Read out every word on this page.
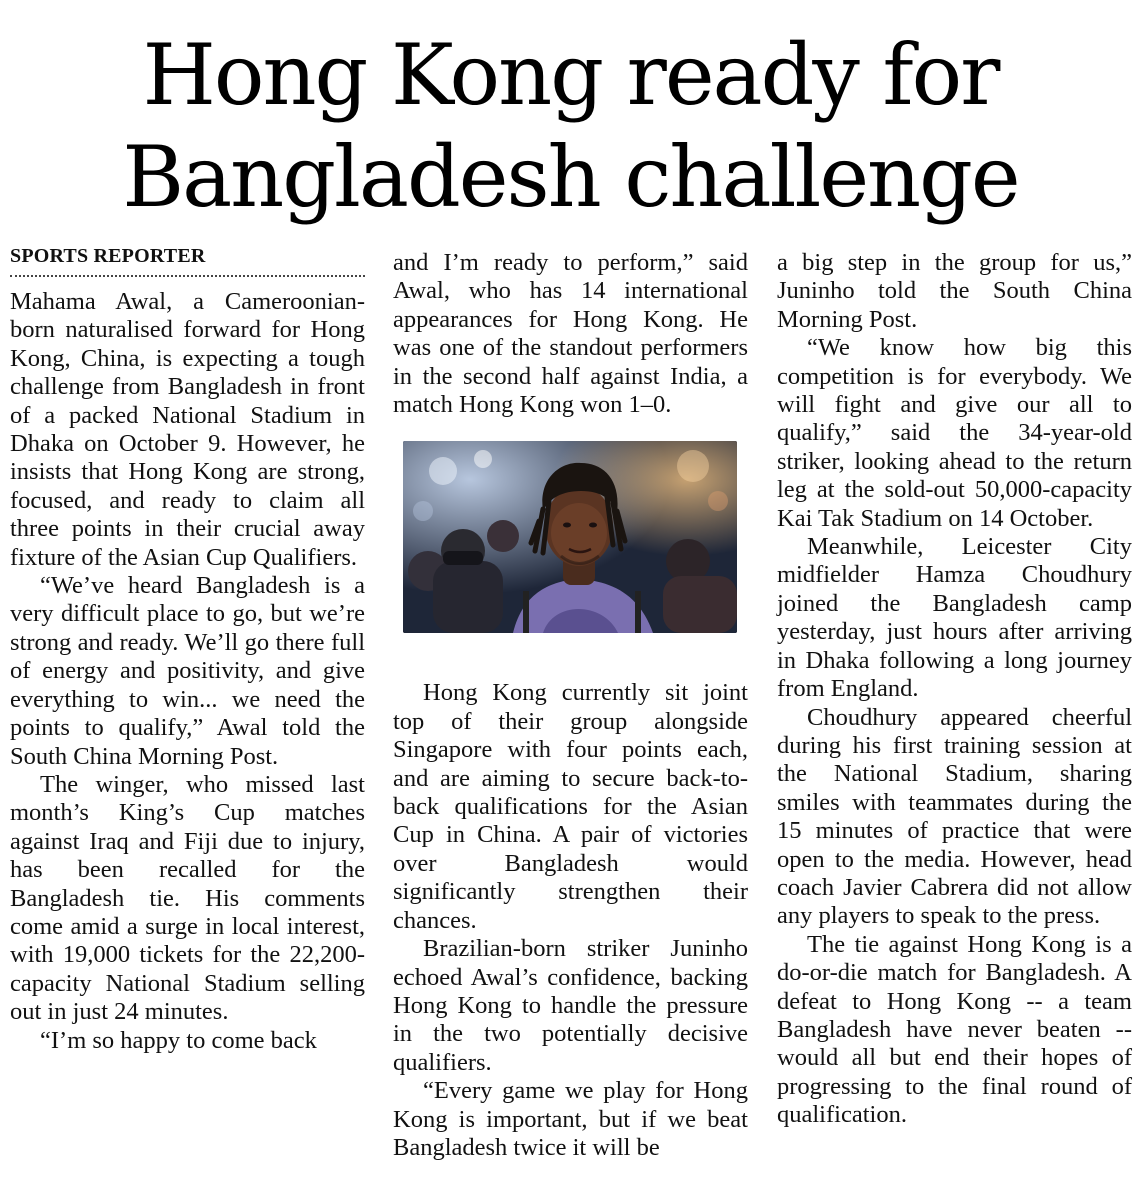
Hong Kong ready for
Bangladesh challenge
SPORTS REPORTER

Mahama Awal, a Cameroonian-born naturalised forward for Hong Kong, China, is expecting a tough challenge from Bangladesh in front of a packed National Stadium in Dhaka on October 9. However, he insists that Hong Kong are strong, focused, and ready to claim all three points in their crucial away fixture of the Asian Cup Qualifiers.

“We’ve heard Bangladesh is a very difficult place to go, but we’re strong and ready. We’ll go there full of energy and positivity, and give everything to win... we need the points to qualify,” Awal told the South China Morning Post.

The winger, who missed last month’s King’s Cup matches against Iraq and Fiji due to injury, has been recalled for the Bangladesh tie. His comments come amid a surge in local interest, with 19,000 tickets for the 22,200-capacity National Stadium selling out in just 24 minutes.

“I’m so happy to come back

and I’m ready to perform,” said Awal, who has 14 international appearances for Hong Kong. He was one of the standout performers in the second half against India, a match Hong Kong won 1–0.

Hong Kong currently sit joint top of their group alongside Singapore with four points each, and are aiming to secure back-to-back qualifications for the Asian Cup in China. A pair of victories over Bangladesh would significantly strengthen their chances.

Brazilian-born striker Juninho echoed Awal’s confidence, backing Hong Kong to handle the pressure in the two potentially decisive qualifiers.

“Every game we play for Hong Kong is important, but if we beat Bangladesh twice it will be

a big step in the group for us,” Juninho told the South China Morning Post.

“We know how big this competition is for everybody. We will fight and give our all to qualify,” said the 34-year-old striker, looking ahead to the return leg at the sold-out 50,000-capacity Kai Tak Stadium on 14 October.

Meanwhile, Leicester City midfielder Hamza Choudhury joined the Bangladesh camp yesterday, just hours after arriving in Dhaka following a long journey from England.

Choudhury appeared cheerful during his first training session at the National Stadium, sharing smiles with teammates during the 15 minutes of practice that were open to the media. However, head coach Javier Cabrera did not allow any players to speak to the press.

The tie against Hong Kong is a do-or-die match for Bangladesh. A defeat to Hong Kong -- a team Bangladesh have never beaten -- would all but end their hopes of progressing to the final round of qualification.
